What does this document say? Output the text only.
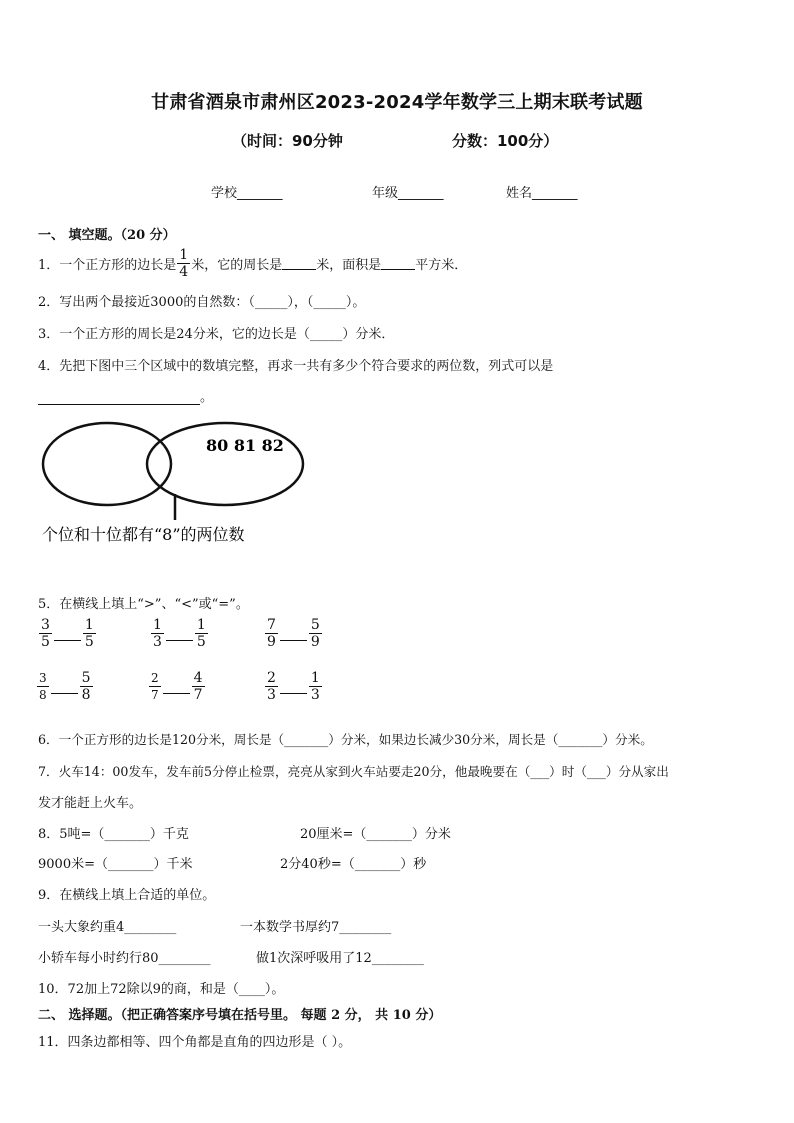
甘肃省酒泉市肃州区2023-2024学年数学三上期末联考试题
（时间：90分钟	分数：100分）
学校_______	年级_______	姓名_______
一、 填空题。（20 分）
1．一个正方形的边长是 $\frac{1}{4}$ 米，它的周长是	米，面积是	平方米．
2．写出两个最接近3000的自然数：（_____），（_____）。
3．一个正方形的周长是24分米，它的边长是（_____）分米．
4．先把下图中三个区域中的数填完整，再求一共有多少个符合要求的两位数，列式可以是
。
80 81 82
个位和十位都有“8”的两位数
5．在横线上填上“>”、“<”或“=”。
$\frac{3}{5} \frac{1}{5}$	$\frac{1}{3} \frac{1}{5}$	$\frac{7}{9} \frac{5}{9}$
$\frac{3}{8} \frac{5}{8}$	$\frac{2}{7} \frac{4}{7}$	$\frac{2}{3} \frac{1}{3}$
6．一个正方形的边长是120分米，周长是（_______）分米，如果边长减少30分米，周长是（_______）分米。
7．火车14：00发车，发车前5分停止检票，亮亮从家到火车站要走20分，他最晚要在（___）时（___）分从家出
发才能赶上火车。
8．5吨=（_______）千克	20厘米=（_______）分米
9000米=（_______）千米	2分40秒=（_______）秒
9．在横线上填上合适的单位。
一头大象约重4________	一本数学书厚约7________
小轿车每小时约行80________	做1次深呼吸用了12________
10．72加上72除以9的商，和是（____）。
二、 选择题。（把正确答案序号填在括号里。 每题 2 分， 共 10 分）
11．四条边都相等、四个角都是直角的四边形是（ ）。
